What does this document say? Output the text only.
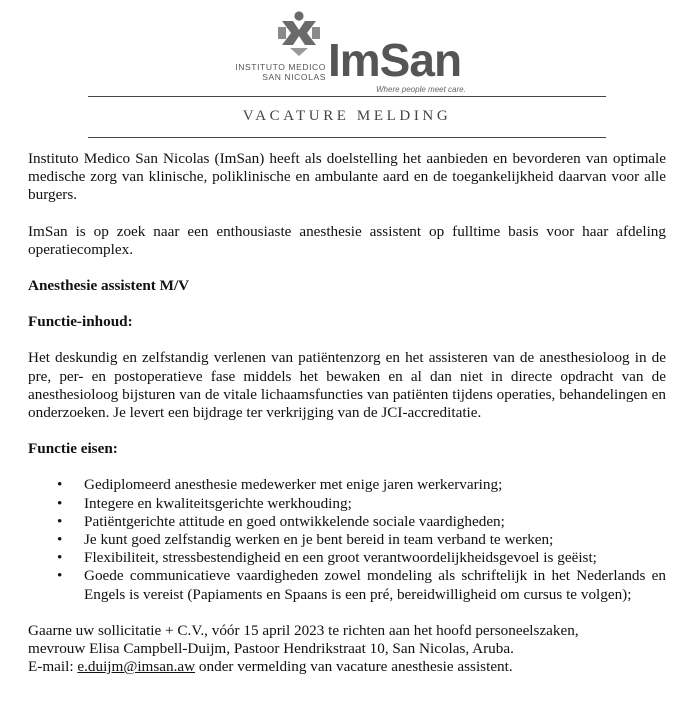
INSTITUTO MEDICO
SAN NICOLAS ImSan
Where people meet care.
VACATURE MELDING

Instituto Medico San Nicolas (ImSan) heeft als doelstelling het aanbieden en bevorderen van optimale medische zorg van klinische, poliklinische en ambulante aard en de toegankelijkheid daarvan voor alle burgers.

ImSan is op zoek naar een enthousiaste anesthesie assistent op fulltime basis voor haar afdeling operatiecomplex.

Anesthesie assistent M/V
Functie-inhoud:

Het deskundig en zelfstandig verlenen van patiëntenzorg en het assisteren van de anesthesioloog in de pre, per- en postoperatieve fase middels het bewaken en al dan niet in directe opdracht van de anesthesioloog bijsturen van de vitale lichaamsfuncties van patiënten tijdens operaties, behandelingen en onderzoeken. Je levert een bijdrage ter verkrijging van de JCI-accreditatie.

Functie eisen:
• Gediplomeerd anesthesie medewerker met enige jaren werkervaring;
• Integere en kwaliteitsgerichte werkhouding;
• Patiëntgerichte attitude en goed ontwikkelende sociale vaardigheden;
• Je kunt goed zelfstandig werken en je bent bereid in team verband te werken;
• Flexibiliteit, stressbestendigheid en een groot verantwoordelijkheidsgevoel is geëist;
• Goede communicatieve vaardigheden zowel mondeling als schriftelijk in het Nederlands en Engels is vereist (Papiaments en Spaans is een pré, bereidwilligheid om cursus te volgen);

Gaarne uw sollicitatie + C.V., vóór 15 april 2023 te richten aan het hoofd personeelszaken,
mevrouw Elisa Campbell-Duijm, Pastoor Hendrikstraat 10, San Nicolas, Aruba.
E-mail: e.duijm@imsan.aw onder vermelding van vacature anesthesie assistent.
